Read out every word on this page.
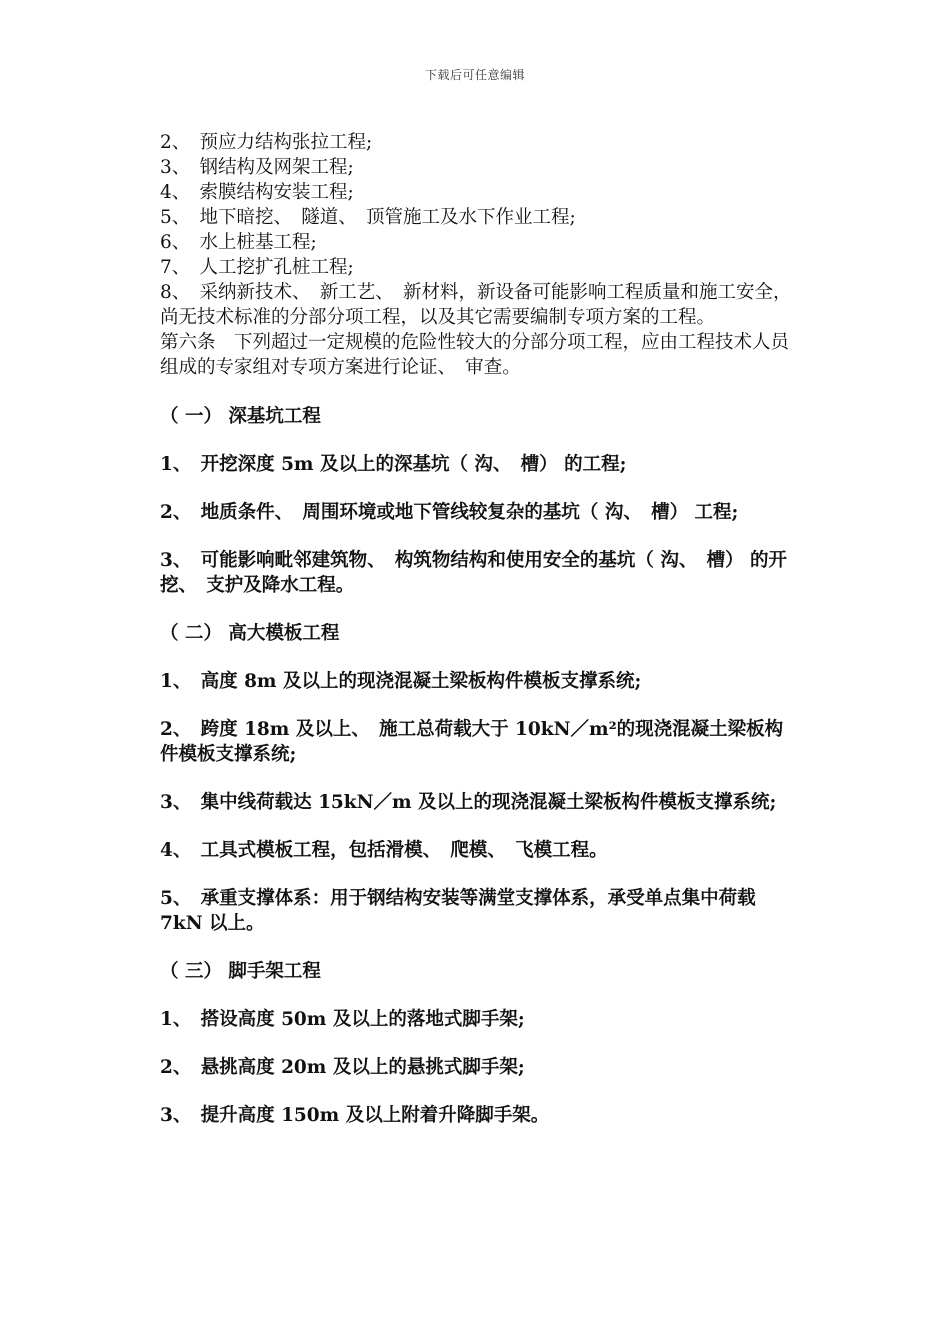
下载后可任意编辑

2、　预应力结构张拉工程;

3、　钢结构及网架工程;

4、　索膜结构安装工程;

5、　地下暗挖、　隧道、　顶管施工及水下作业工程;

6、　水上桩基工程;

7、　人工挖扩孔桩工程;

8、　采纳新技术、　新工艺、　新材料，新设备可能影响工程质量和施工安全，尚无技术标准的分部分项工程，以及其它需要编制专项方案的工程。

第六条　下列超过一定规模的危险性较大的分部分项工程，应由工程技术人员组成的专家组对专项方案进行论证、　审查。

（ 一） 深基坑工程

1、　开挖深度 5m 及以上的深基坑（ 沟、　槽） 的工程;

2、　地质条件、　周围环境或地下管线较复杂的基坑（ 沟、　槽） 工程;

3、　可能影响毗邻建筑物、　构筑物结构和使用安全的基坑（ 沟、　槽） 的开挖、　支护及降水工程。

（ 二） 高大模板工程

1、　高度 8m 及以上的现浇混凝土梁板构件模板支撑系统;

2、　跨度 18m 及以上、　施工总荷载大于 10kN／m²的现浇混凝土梁板构件模板支撑系统;

3、　集中线荷载达 15kN／m 及以上的现浇混凝土梁板构件模板支撑系统;

4、　工具式模板工程，包括滑模、　爬模、　飞模工程。

5、　承重支撑体系：用于钢结构安装等满堂支撑体系，承受单点集中荷载 7kN 以上。

（ 三） 脚手架工程

1、　搭设高度 50m 及以上的落地式脚手架;

2、　悬挑高度 20m 及以上的悬挑式脚手架;

3、　提升高度 150m 及以上附着升降脚手架。
